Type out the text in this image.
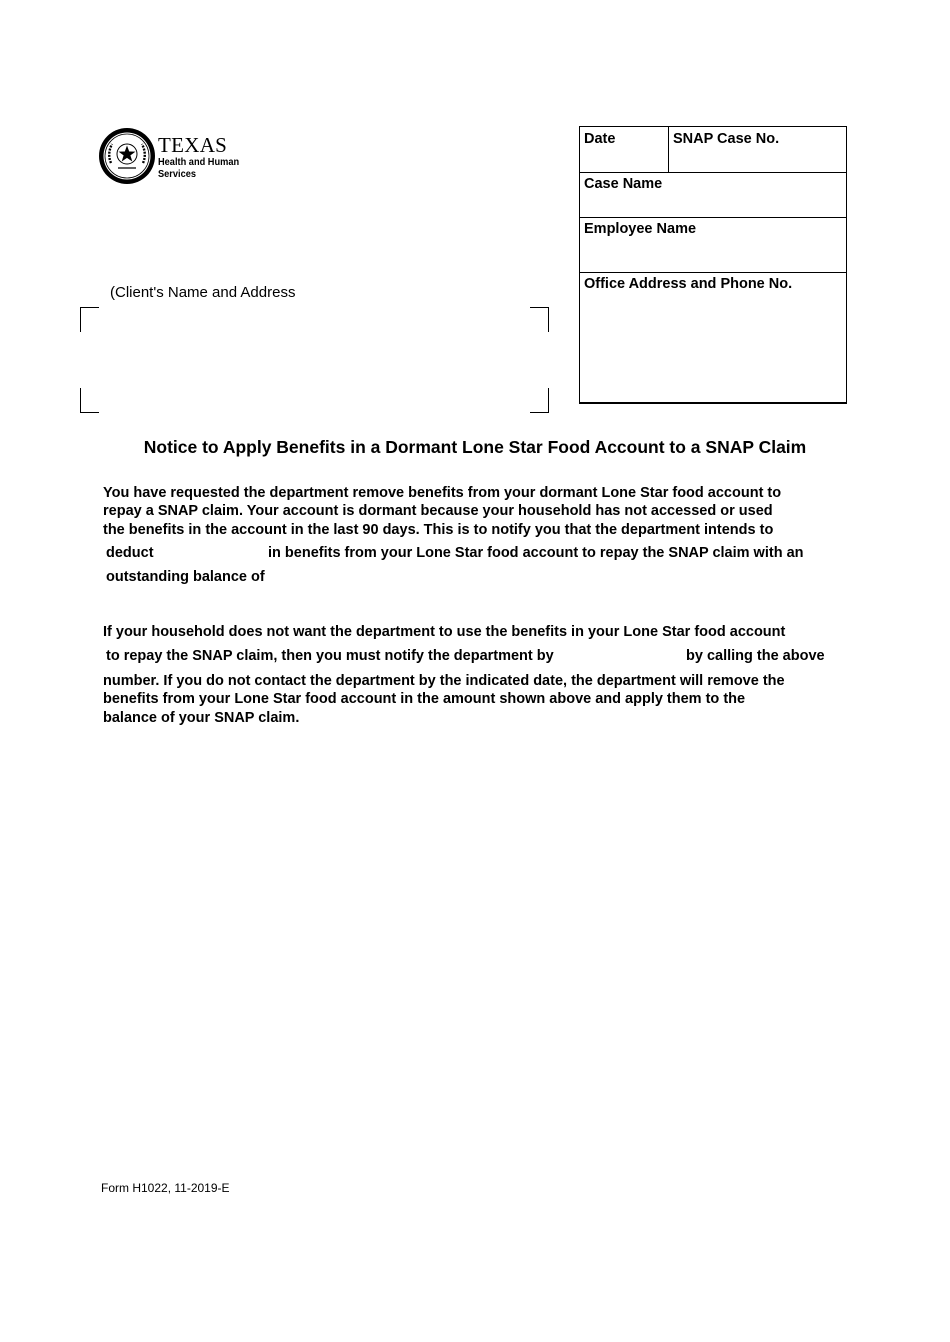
TEXAS
Health and Human
Services
(Client's Name and Address
Date	SNAP Case No.
Case Name
Employee Name
Office Address and Phone No.
Notice to Apply Benefits in a Dormant Lone Star Food Account to a SNAP Claim
You have requested the department remove benefits from your dormant Lone Star food account to
repay a SNAP claim. Your account is dormant because your household has not accessed or used
the benefits in the account in the last 90 days. This is to notify you that the department intends to
deduct	in benefits from your Lone Star food account to repay the SNAP claim with an
outstanding balance of
If your household does not want the department to use the benefits in your Lone Star food account
to repay the SNAP claim, then you must notify the department by	by calling the above
number. If you do not contact the department by the indicated date, the department will remove the
benefits from your Lone Star food account in the amount shown above and apply them to the
balance of your SNAP claim.
Form H1022, 11-2019-E
